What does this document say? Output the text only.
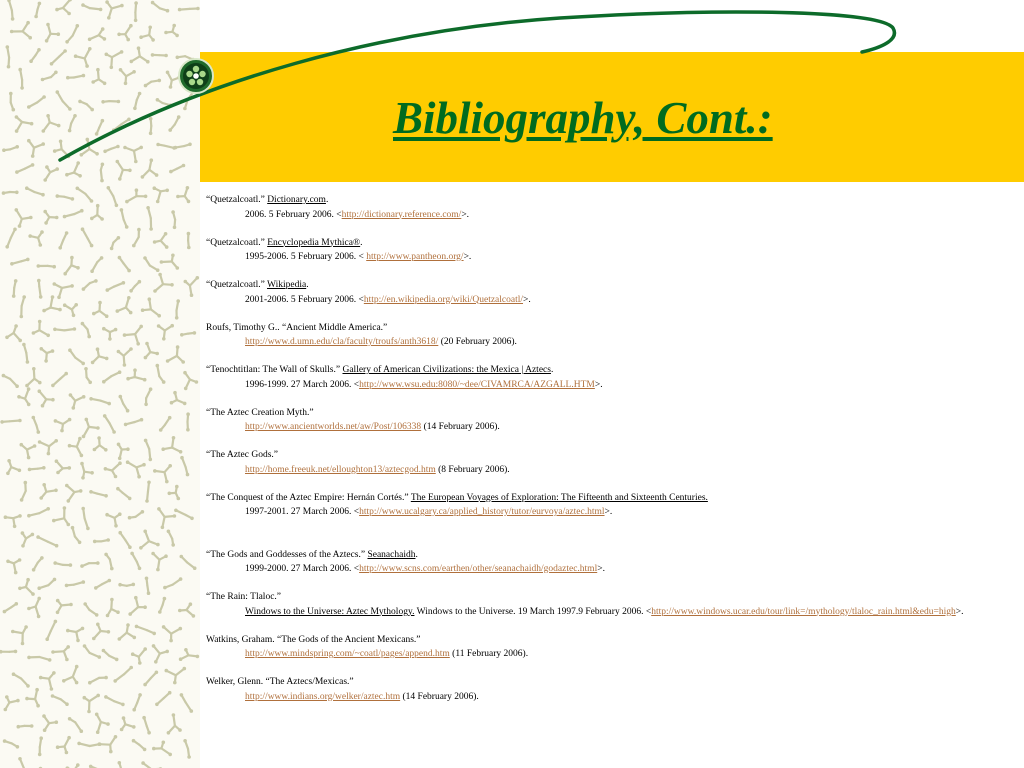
Bibliography, Cont.:
“Quetzalcoatl.” Dictionary.com.
2006. 5 February 2006. <http://dictionary.reference.com/>.
“Quetzalcoatl.” Encyclopedia Mythica®.
1995-2006. 5 February 2006. < http://www.pantheon.org/>.
“Quetzalcoatl.” Wikipedia.
2001-2006. 5 February 2006. <http://en.wikipedia.org/wiki/Quetzalcoatl/>.
Roufs, Timothy G.. “Ancient Middle America.”
http://www.d.umn.edu/cla/faculty/troufs/anth3618/ (20 February 2006).
“Tenochtitlan: The Wall of Skulls.” Gallery of American Civilizations: the Mexica | Aztecs.
1996-1999. 27 March 2006. <http://www.wsu.edu:8080/~dee/CIVAMRCA/AZGALL.HTM>.
“The Aztec Creation Myth.”
http://www.ancientworlds.net/aw/Post/106338 (14 February 2006).
“The Aztec Gods.”
http://home.freeuk.net/elloughton13/aztecgod.htm (8 February 2006).
“The Conquest of the Aztec Empire: Hernán Cortés.” The European Voyages of Exploration: The Fifteenth and Sixteenth Centuries.
1997-2001. 27 March 2006. <http://www.ucalgary.ca/applied_history/tutor/eurvoya/aztec.html>.
“The Gods and Goddesses of the Aztecs.” Seanachaidh.
1999-2000. 27 March 2006. <http://www.scns.com/earthen/other/seanachaidh/godaztec.html>.
“The Rain: Tlaloc.”
Windows to the Universe: Aztec Mythology. Windows to the Universe. 19 March 1997.9 February 2006. <http://www.windows.ucar.edu/tour/link=/mythology/tlaloc_rain.html&edu=high>.
Watkins, Graham. “The Gods of the Ancient Mexicans.”
http://www.mindspring.com/~coatl/pages/append.htm (11 February 2006).
Welker, Glenn. “The Aztecs/Mexicas.”
http://www.indians.org/welker/aztec.htm (14 February 2006).
